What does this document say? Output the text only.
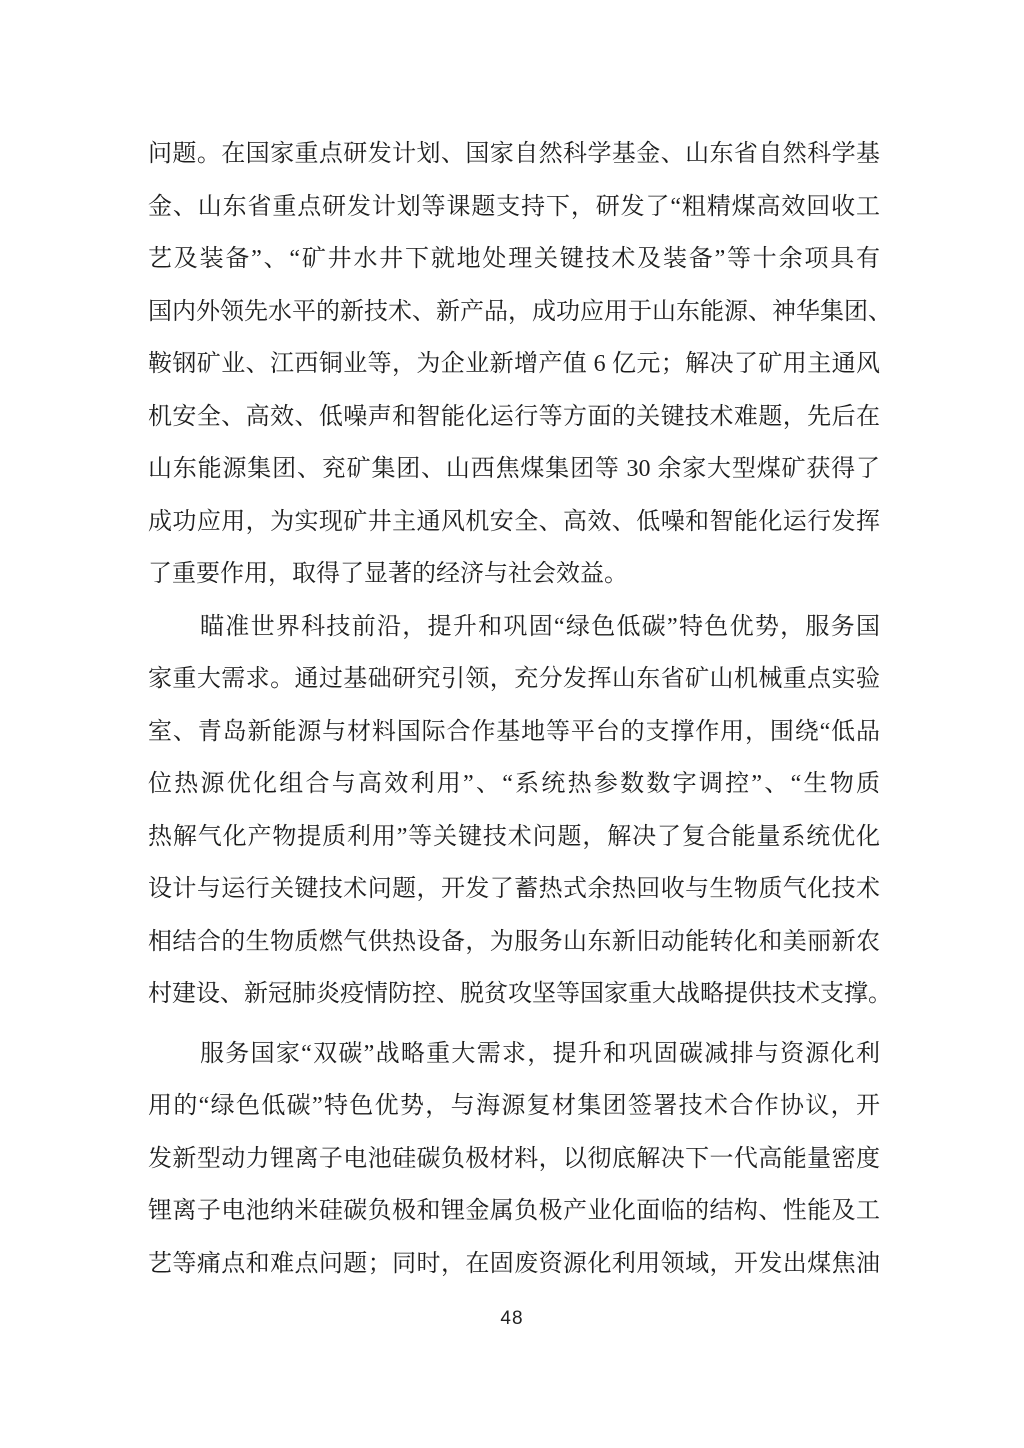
问题。在国家重点研发计划、国家自然科学基金、山东省自然科学基
金、山东省重点研发计划等课题支持下，研发了“粗精煤高效回收工
艺及装备”、“矿井水井下就地处理关键技术及装备”等十余项具有
国内外领先水平的新技术、新产品，成功应用于山东能源、神华集团、
鞍钢矿业、江西铜业等，为企业新增产值 6 亿元；解决了矿用主通风
机安全、高效、低噪声和智能化运行等方面的关键技术难题，先后在
山东能源集团、兖矿集团、山西焦煤集团等 30 余家大型煤矿获得了
成功应用，为实现矿井主通风机安全、高效、低噪和智能化运行发挥
了重要作用，取得了显著的经济与社会效益。
瞄准世界科技前沿，提升和巩固“绿色低碳”特色优势，服务国
家重大需求。通过基础研究引领，充分发挥山东省矿山机械重点实验
室、青岛新能源与材料国际合作基地等平台的支撑作用，围绕“低品
位热源优化组合与高效利用”、“系统热参数数字调控”、“生物质
热解气化产物提质利用”等关键技术问题，解决了复合能量系统优化
设计与运行关键技术问题，开发了蓄热式余热回收与生物质气化技术
相结合的生物质燃气供热设备，为服务山东新旧动能转化和美丽新农
村建设、新冠肺炎疫情防控、脱贫攻坚等国家重大战略提供技术支撑。
服务国家“双碳”战略重大需求，提升和巩固碳减排与资源化利
用的“绿色低碳”特色优势，与海源复材集团签署技术合作协议，开
发新型动力锂离子电池硅碳负极材料，以彻底解决下一代高能量密度
锂离子电池纳米硅碳负极和锂金属负极产业化面临的结构、性能及工
艺等痛点和难点问题；同时，在固废资源化利用领域，开发出煤焦油
48
